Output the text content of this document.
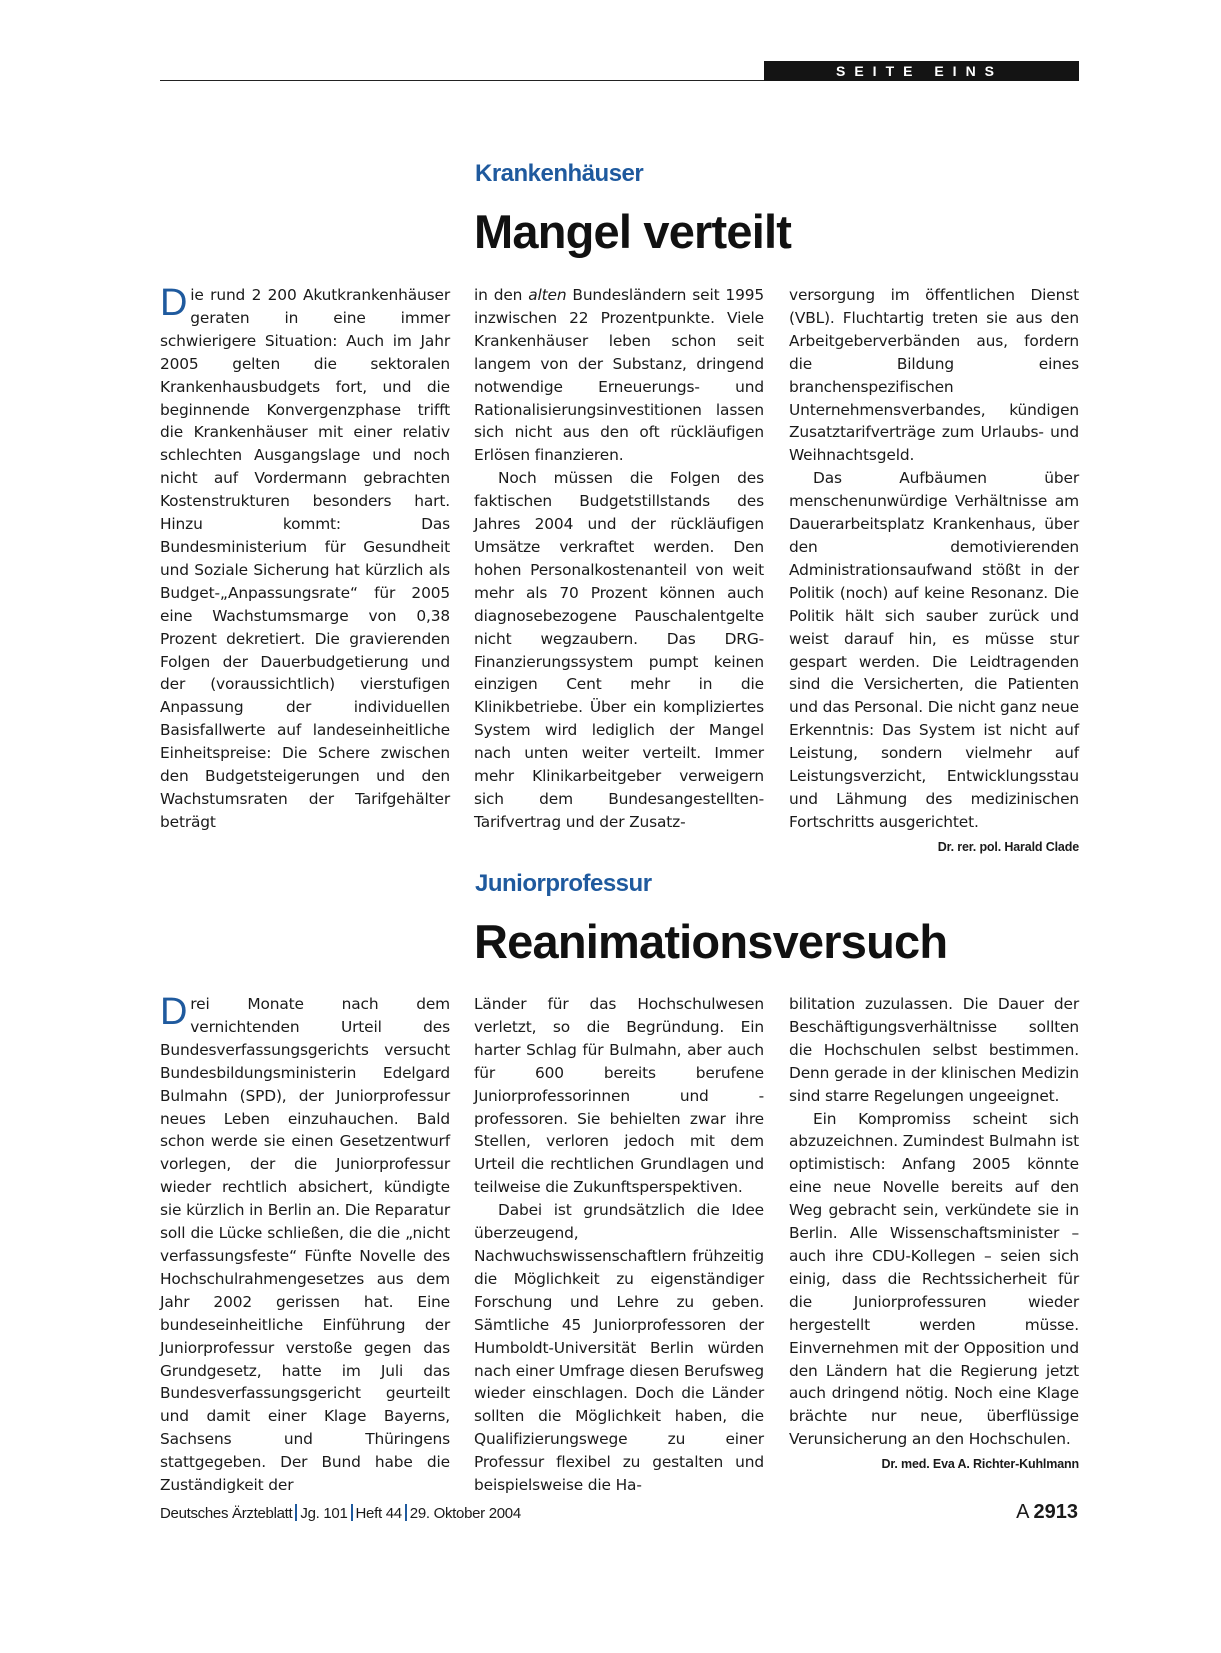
SEITE EINS
Krankenhäuser
Mangel verteilt

Die rund 2 200 Akutkrankenhäuser geraten in eine immer schwierigere Situation: Auch im Jahr 2005 gelten die sektoralen Krankenhausbudgets fort, und die beginnende Konvergenzphase trifft die Krankenhäuser mit einer relativ schlechten Ausgangslage und noch nicht auf Vordermann gebrachten Kostenstrukturen besonders hart. Hinzu kommt: Das Bundesministerium für Gesundheit und Soziale Sicherung hat kürzlich als Budget-„Anpassungsrate“ für 2005 eine Wachstumsmarge von 0,38 Prozent dekretiert. Die gravierenden Folgen der Dauerbudgetierung und der (voraussichtlich) vierstufigen Anpassung der individuellen Basisfallwerte auf landeseinheitliche Einheitspreise: Die Schere zwischen den Budgetsteigerungen und den Wachstumsraten der Tarifgehälter beträgt

in den alten Bundesländern seit 1995 inzwischen 22 Prozentpunkte. Viele Krankenhäuser leben schon seit langem von der Substanz, dringend notwendige Erneuerungs- und Rationalisierungsinvestitionen lassen sich nicht aus den oft rückläufigen Erlösen finanzieren.

Noch müssen die Folgen des faktischen Budgetstillstands des Jahres 2004 und der rückläufigen Umsätze verkraftet werden. Den hohen Personalkostenanteil von weit mehr als 70 Prozent können auch diagnosebezogene Pauschalentgelte nicht wegzaubern. Das DRG-Finanzierungssystem pumpt keinen einzigen Cent mehr in die Klinikbetriebe. Über ein kompliziertes System wird lediglich der Mangel nach unten weiter verteilt. Immer mehr Klinikarbeitgeber verweigern sich dem Bundesangestellten-Tarifvertrag und der Zusatz-

versorgung im öffentlichen Dienst (VBL). Fluchtartig treten sie aus den Arbeitgeberverbänden aus, fordern die Bildung eines branchenspezifischen Unternehmensverbandes, kündigen Zusatztarifverträge zum Urlaubs- und Weihnachtsgeld.

Das Aufbäumen über menschenunwürdige Verhältnisse am Dauerarbeitsplatz Krankenhaus, über den demotivierenden Administrationsaufwand stößt in der Politik (noch) auf keine Resonanz. Die Politik hält sich sauber zurück und weist darauf hin, es müsse stur gespart werden. Die Leidtragenden sind die Versicherten, die Patienten und das Personal. Die nicht ganz neue Erkenntnis: Das System ist nicht auf Leistung, sondern vielmehr auf Leistungsverzicht, Entwicklungsstau und Lähmung des medizinischen Fortschritts ausgerichtet.
Dr. rer. pol. Harald Clade

Juniorprofessur
Reanimationsversuch

Drei Monate nach dem vernichtenden Urteil des Bundesverfassungsgerichts versucht Bundesbildungsministerin Edelgard Bulmahn (SPD), der Juniorprofessur neues Leben einzuhauchen. Bald schon werde sie einen Gesetzentwurf vorlegen, der die Juniorprofessur wieder rechtlich absichert, kündigte sie kürzlich in Berlin an. Die Reparatur soll die Lücke schließen, die die „nicht verfassungsfeste“ Fünfte Novelle des Hochschulrahmengesetzes aus dem Jahr 2002 gerissen hat. Eine bundeseinheitliche Einführung der Juniorprofessur verstoße gegen das Grundgesetz, hatte im Juli das Bundesverfassungsgericht geurteilt und damit einer Klage Bayerns, Sachsens und Thüringens stattgegeben. Der Bund habe die Zuständigkeit der

Länder für das Hochschulwesen verletzt, so die Begründung. Ein harter Schlag für Bulmahn, aber auch für 600 bereits berufene Juniorprofessorinnen und -professoren. Sie behielten zwar ihre Stellen, verloren jedoch mit dem Urteil die rechtlichen Grundlagen und teilweise die Zukunftsperspektiven.

Dabei ist grundsätzlich die Idee überzeugend, Nachwuchswissenschaftlern frühzeitig die Möglichkeit zu eigenständiger Forschung und Lehre zu geben. Sämtliche 45 Juniorprofessoren der Humboldt-Universität Berlin würden nach einer Umfrage diesen Berufsweg wieder einschlagen. Doch die Länder sollten die Möglichkeit haben, die Qualifizierungswege zu einer Professur flexibel zu gestalten und beispielsweise die Ha-

bilitation zuzulassen. Die Dauer der Beschäftigungsverhältnisse sollten die Hochschulen selbst bestimmen. Denn gerade in der klinischen Medizin sind starre Regelungen ungeeignet.

Ein Kompromiss scheint sich abzuzeichnen. Zumindest Bulmahn ist optimistisch: Anfang 2005 könnte eine neue Novelle bereits auf den Weg gebracht sein, verkündete sie in Berlin. Alle Wissenschaftsminister – auch ihre CDU-Kollegen – seien sich einig, dass die Rechtssicherheit für die Juniorprofessuren wieder hergestellt werden müsse. Einvernehmen mit der Opposition und den Ländern hat die Regierung jetzt auch dringend nötig. Noch eine Klage brächte nur neue, überflüssige Verunsicherung an den Hochschulen.
Dr. med. Eva A. Richter-Kuhlmann

Deutsches Ärzteblatt Jg. 101 Heft 44 29. Oktober 2004	A  2913
